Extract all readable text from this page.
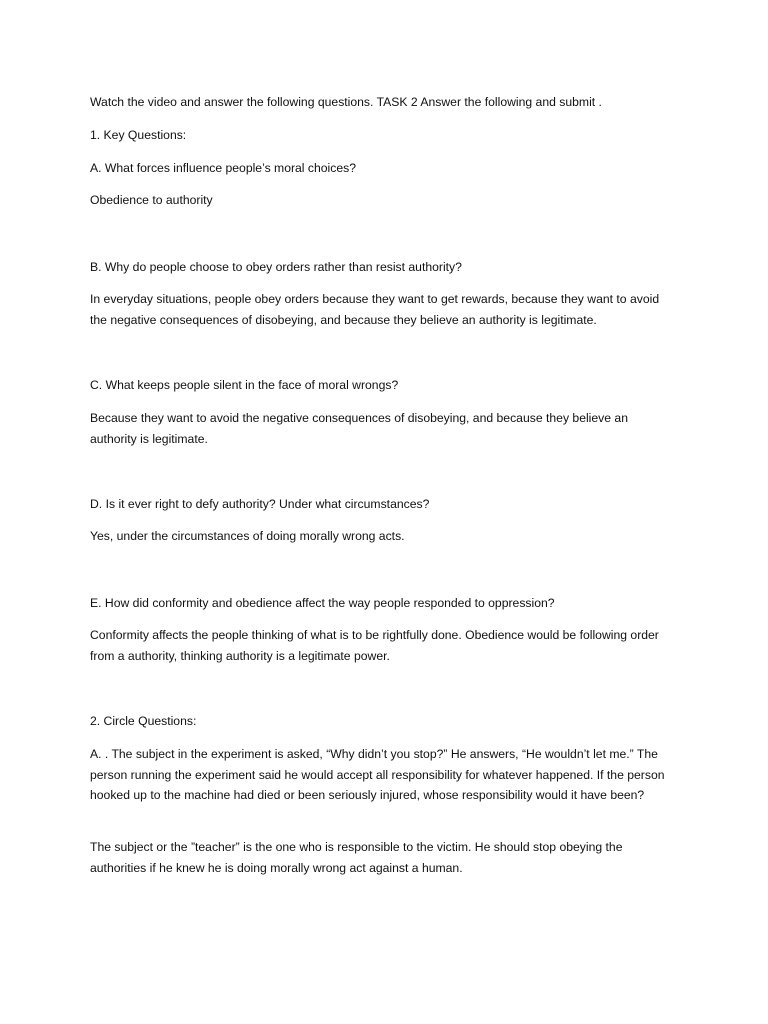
Watch the video and answer the following questions. TASK 2 Answer the following and submit .

1. Key Questions:

A. What forces influence people’s moral choices?

Obedience to authority

B. Why do people choose to obey orders rather than resist authority?

In everyday situations, people obey orders because they want to get rewards, because they want to avoid the negative consequences of disobeying, and because they believe an authority is legitimate.

C. What keeps people silent in the face of moral wrongs?

Because they want to avoid the negative consequences of disobeying, and because they believe an authority is legitimate.

D. Is it ever right to defy authority? Under what circumstances?

Yes, under the circumstances of doing morally wrong acts.

E. How did conformity and obedience affect the way people responded to oppression?

Conformity affects the people thinking of what is to be rightfully done. Obedience would be following order from a authority, thinking authority is a legitimate power.

2. Circle Questions:

A. . The subject in the experiment is asked, “Why didn’t you stop?” He answers, “He wouldn’t let me.” The person running the experiment said he would accept all responsibility for whatever happened. If the person hooked up to the machine had died or been seriously injured, whose responsibility would it have been?

The subject or the ”teacher” is the one who is responsible to the victim. He should stop obeying the authorities if he knew he is doing morally wrong act against a human.
